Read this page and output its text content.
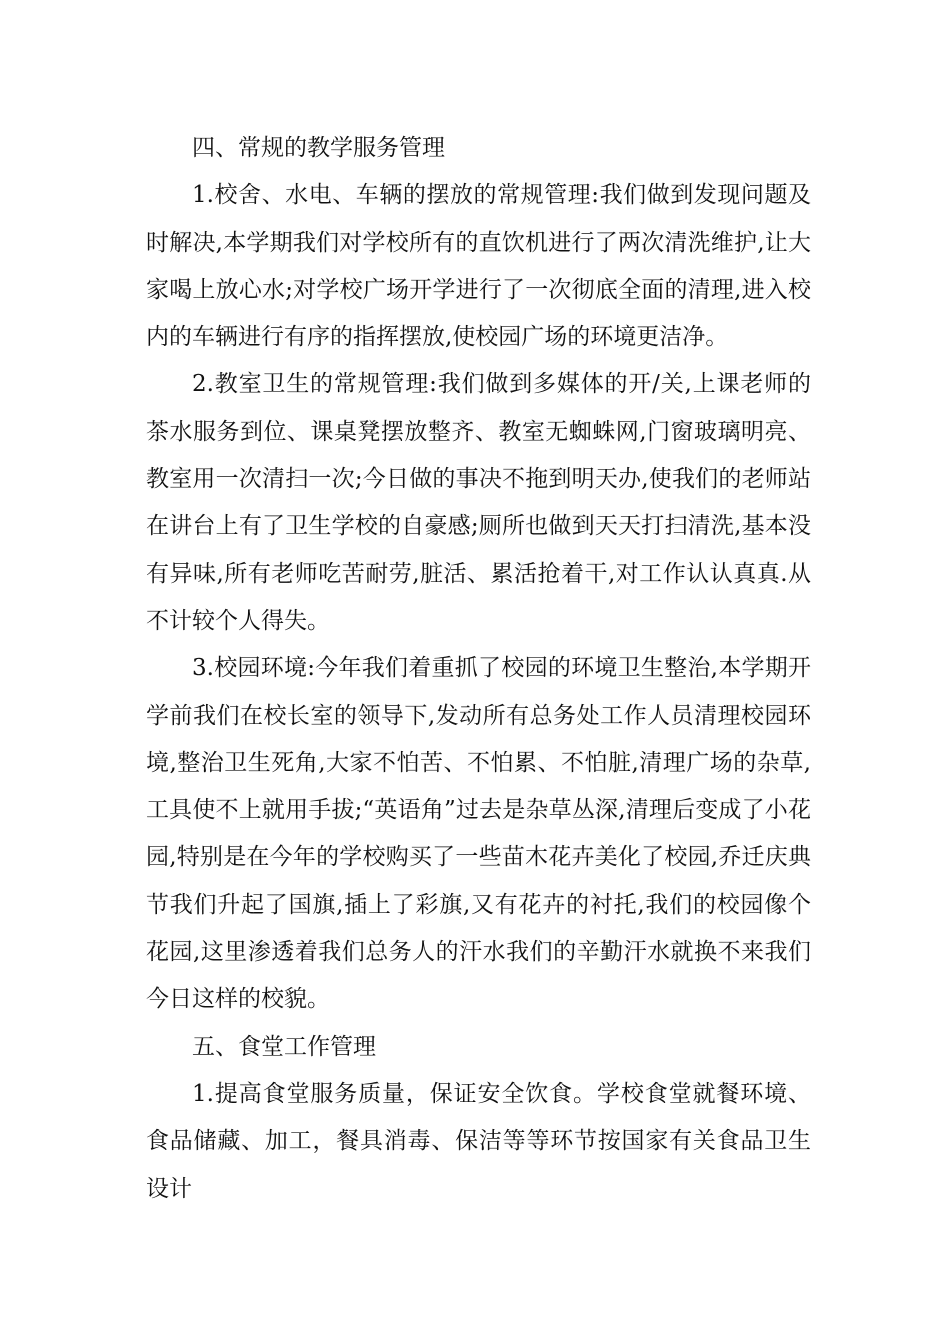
四、常规的教学服务管理

1.校舍、水电、车辆的摆放的常规管理:我们做到发现问题及时解决,本学期我们对学校所有的直饮机进行了两次清洗维护,让大家喝上放心水;对学校广场开学进行了一次彻底全面的清理,进入校内的车辆进行有序的指挥摆放,使校园广场的环境更洁净。

2.教室卫生的常规管理:我们做到多媒体的开/关,上课老师的茶水服务到位、课桌凳摆放整齐、教室无蜘蛛网,门窗玻璃明亮、教室用一次清扫一次;今日做的事决不拖到明天办,使我们的老师站在讲台上有了卫生学校的自豪感;厕所也做到天天打扫清洗,基本没有异味,所有老师吃苦耐劳,脏活、累活抢着干,对工作认认真真.从不计较个人得失。

3.校园环境:今年我们着重抓了校园的环境卫生整治,本学期开学前我们在校长室的领导下,发动所有总务处工作人员清理校园环境,整治卫生死角,大家不怕苦、不怕累、不怕脏,清理广场的杂草,工具使不上就用手拔;“英语角”过去是杂草丛深,清理后变成了小花园,特别是在今年的学校购买了一些苗木花卉美化了校园,乔迁庆典节我们升起了国旗,插上了彩旗,又有花卉的衬托,我们的校园像个花园,这里渗透着我们总务人的汗水我们的辛勤汗水就换不来我们今日这样的校貌。

五、食堂工作管理

1.提高食堂服务质量，保证安全饮食。学校食堂就餐环境、食品储藏、加工，餐具消毒、保洁等等环节按国家有关食品卫生设计
